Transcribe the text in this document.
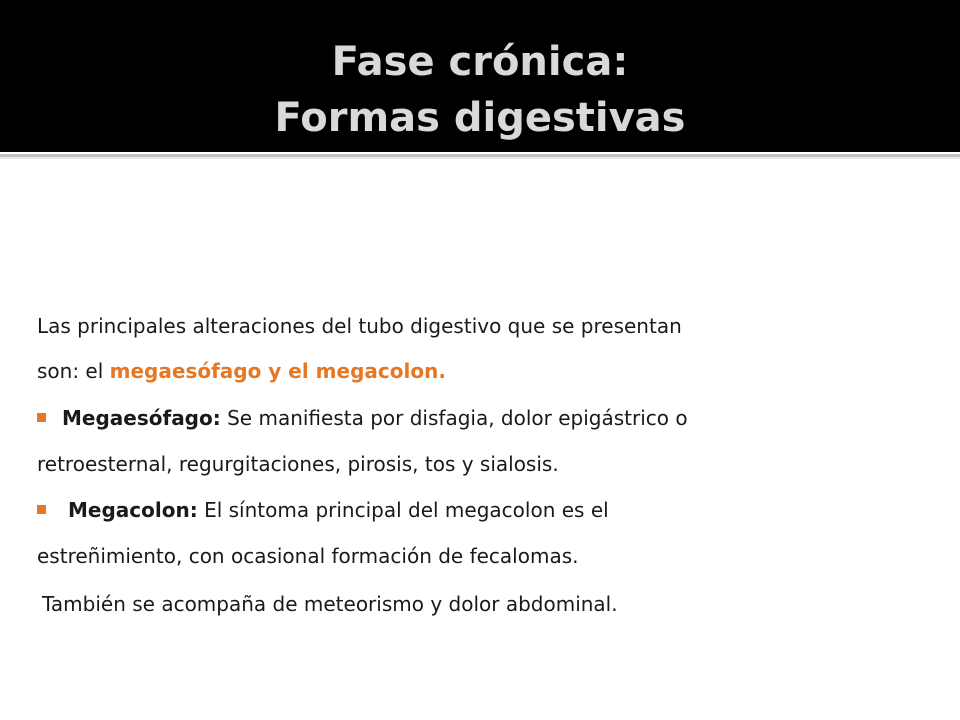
Fase crónica:
Formas digestivas
Las principales alteraciones del tubo digestivo que se presentan
son: el megaesófago y el megacolon.
Megaesófago: Se manifiesta por disfagia, dolor epigástrico o
retroesternal, regurgitaciones, pirosis, tos y sialosis.
Megacolon: El síntoma principal del megacolon es el
estreñimiento, con ocasional formación de fecalomas.
También se acompaña de meteorismo y dolor abdominal.
